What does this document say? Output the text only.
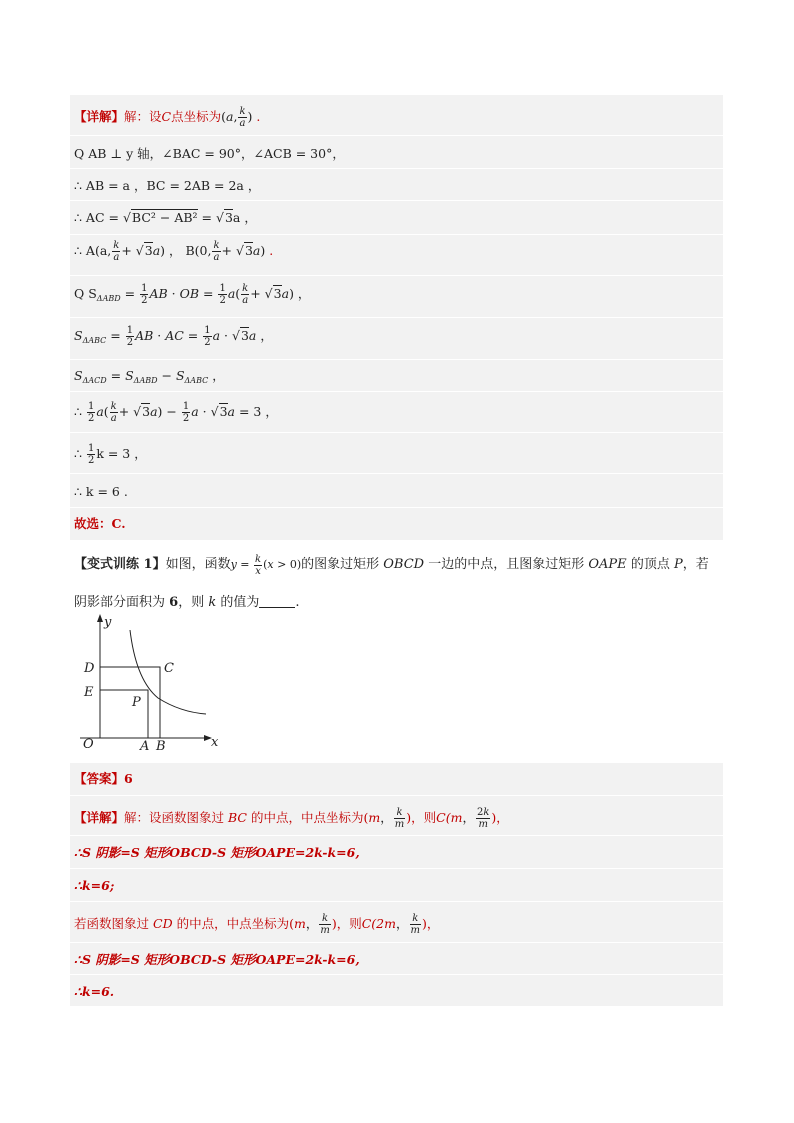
【详解】解：设C点坐标为(a, $\frac{k}{a}$ ) .
Q AB ⊥ y 轴，∠BAC = 90°，∠ACB = 30°，
∴ AB = a ，BC = 2AB = 2a ，
∴ AC = √BC² − AB² = √3a ，
∴ A(a, $\frac{k}{a} + √3a$) ， B(0, $\frac{k}{a} + √3a$) .
Q $S_{\Delta ABD} = \frac{1}{2}$ AB · OB = $\frac{1}{2} a( \frac{k}{a} + √3a)$ ，
$S_{\Delta ABC} = \frac{1}{2}$ AB · AC = $\frac{1}{2}$ a · √3a ，
$S_{\Delta ACD} = S_{\Delta ABD} - S_{\Delta ABC}$ ，
∴ $\frac{1}{2} a( \frac{k}{a} + √3a) - \frac{1}{2}$ a · √3a = 3 ，
∴ $\frac{1}{2}$ k = 3 ，
∴ k = 6 .
故选：C.
【变式训练 1】如图，函数$y = \frac{k}{x} (x > 0)$的图象过矩形 OBCD 一边的中点，且图象过矩形 OAPE 的顶点 P，若
阴影部分面积为 6，则 k 的值为	.
y
x
O
D	C
E
P
A B
【答案】6
【详解】解：设函数图象过 BC 的中点，中点坐标为(m， $\frac{k}{m}$ )，则C(m， $\frac{2k}{m}$ )，
∴S 阴影=S 矩形OBCD-S 矩形OAPE=2k-k=6,
∴k=6;
若函数图象过 CD 的中点，中点坐标为(m， $\frac{k}{m}$ )，则C(2m， $\frac{k}{m}$ )，
∴S 阴影=S 矩形OBCD-S 矩形OAPE=2k-k=6,
∴k=6.
